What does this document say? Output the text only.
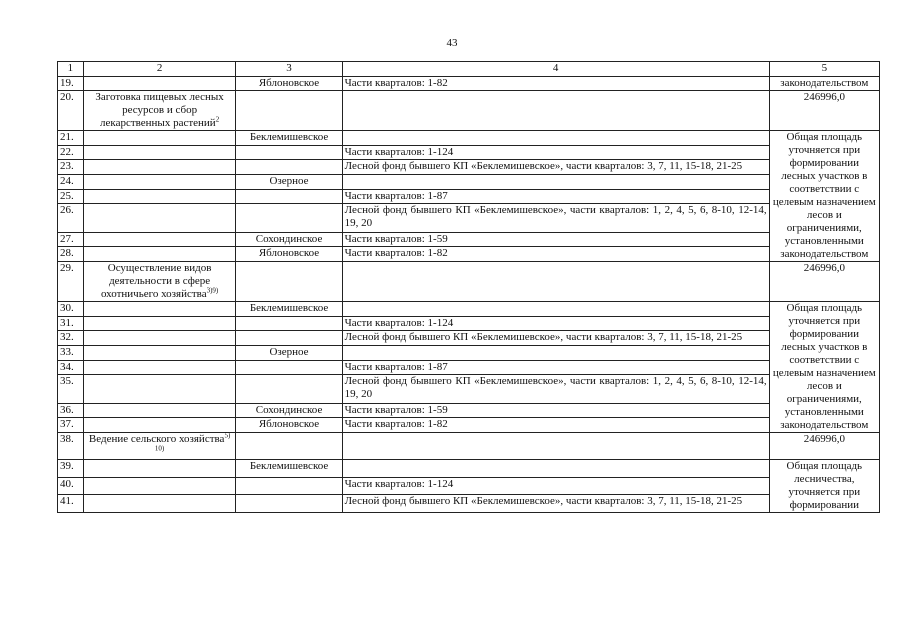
43
1	2	3	4	5
19.		Яблоновское	Части кварталов: 1-82	законодательством
20.	Заготовка пищевых лесных ресурсов и сбор лекарственных растений$^2$			246996,0
21.		Беклемишевское		Общая площадь уточняется при формировании лесных участков в соответствии с целевым назначением лесов и ограничениями, установленными законодательством
22.			Части кварталов: 1-124	
23.			Лесной фонд бывшего КП «Беклемишевское», части кварталов: 3, 7, 11, 15-18, 21-25	
24.		Озерное		
25.			Части кварталов: 1-87	
26.			Лесной фонд бывшего КП «Беклемишевское», части кварталов: 1, 2, 4, 5, 6, 8-10, 12-14, 19, 20	
27.		Сохондинское	Части кварталов: 1-59	
28.		Яблоновское	Части кварталов: 1-82	
29.	Осуществление видов деятельности в сфере охотничьего хозяйства$^{3)9)}$			246996,0
30.		Беклемишевское		Общая площадь уточняется при формировании лесных участков в соответствии с целевым назначением лесов и ограничениями, установленными законодательством
31.			Части кварталов: 1-124	
32.			Лесной фонд бывшего КП «Беклемишевское», части кварталов: 3, 7, 11, 15-18, 21-25	
33.		Озерное		
34.			Части кварталов: 1-87	
35.			Лесной фонд бывшего КП «Беклемишевское», части кварталов: 1, 2, 4, 5, 6, 8-10, 12-14, 19, 20	
36.		Сохондинское	Части кварталов: 1-59	
37.		Яблоновское	Части кварталов: 1-82	
38.	Ведение сельского хозяйства$^{5) 10)}$			246996,0
39.		Беклемишевское		Общая площадь лесничества, уточняется при формировании
40.			Части кварталов: 1-124	
41.			Лесной фонд бывшего КП «Беклемишевское», части кварталов: 3, 7, 11, 15-18, 21-25	
